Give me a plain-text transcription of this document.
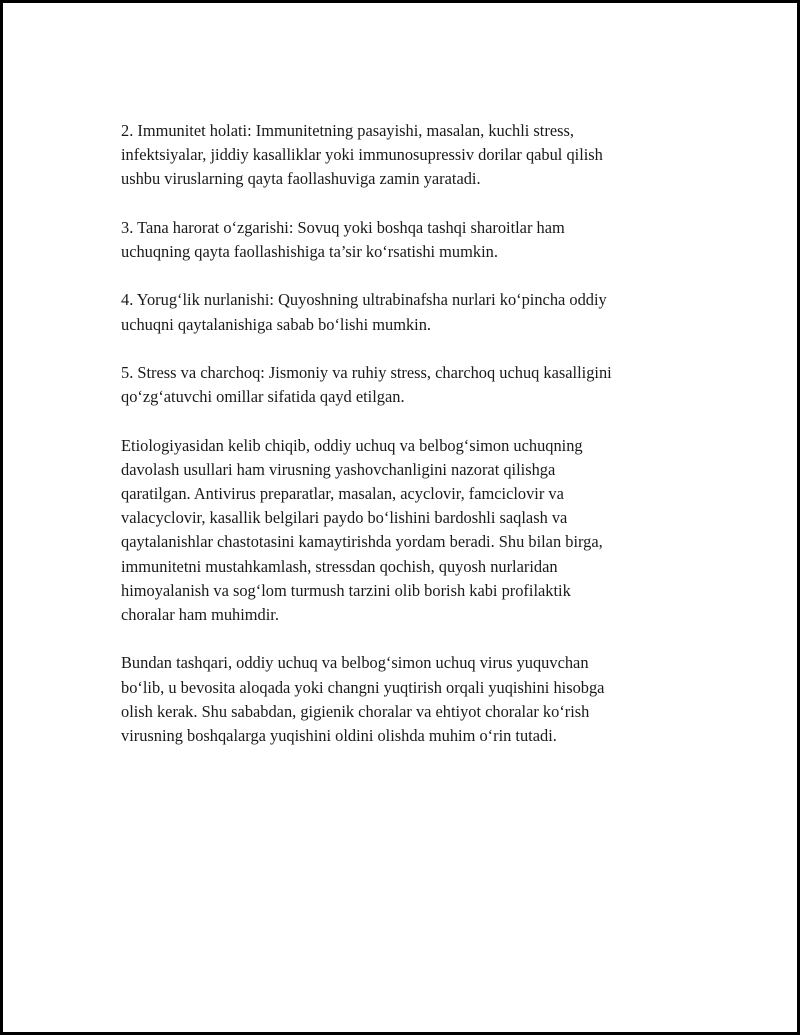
2. Immunitet holati: Immunitetning pasayishi, masalan, kuchli stress,
infektsiyalar, jiddiy kasalliklar yoki immunosupressiv dorilar qabul qilish
ushbu viruslarning qayta faollashuviga zamin yaratadi.

3. Tana harorat o‘zgarishi: Sovuq yoki boshqa tashqi sharoitlar ham
uchuqning qayta faollashishiga ta’sir ko‘rsatishi mumkin.

4. Yorug‘lik nurlanishi: Quyoshning ultrabinafsha nurlari ko‘pincha oddiy
uchuqni qaytalanishiga sabab bo‘lishi mumkin.

5. Stress va charchoq: Jismoniy va ruhiy stress, charchoq uchuq kasalligini
qo‘zg‘atuvchi omillar sifatida qayd etilgan.

Etiologiyasidan kelib chiqib, oddiy uchuq va belbog‘simon uchuqning
davolash usullari ham virusning yashovchanligini nazorat qilishga
qaratilgan. Antivirus preparatlar, masalan, acyclovir, famciclovir va
valacyclovir, kasallik belgilari paydo bo‘lishini bardoshli saqlash va
qaytalanishlar chastotasini kamaytirishda yordam beradi. Shu bilan birga,
immunitetni mustahkamlash, stressdan qochish, quyosh nurlaridan
himoyalanish va sog‘lom turmush tarzini olib borish kabi profilaktik
choralar ham muhimdir.

Bundan tashqari, oddiy uchuq va belbog‘simon uchuq virus yuquvchan
bo‘lib, u bevosita aloqada yoki changni yuqtirish orqali yuqishini hisobga
olish kerak. Shu sababdan, gigienik choralar va ehtiyot choralar ko‘rish
virusning boshqalarga yuqishini oldini olishda muhim o‘rin tutadi.
